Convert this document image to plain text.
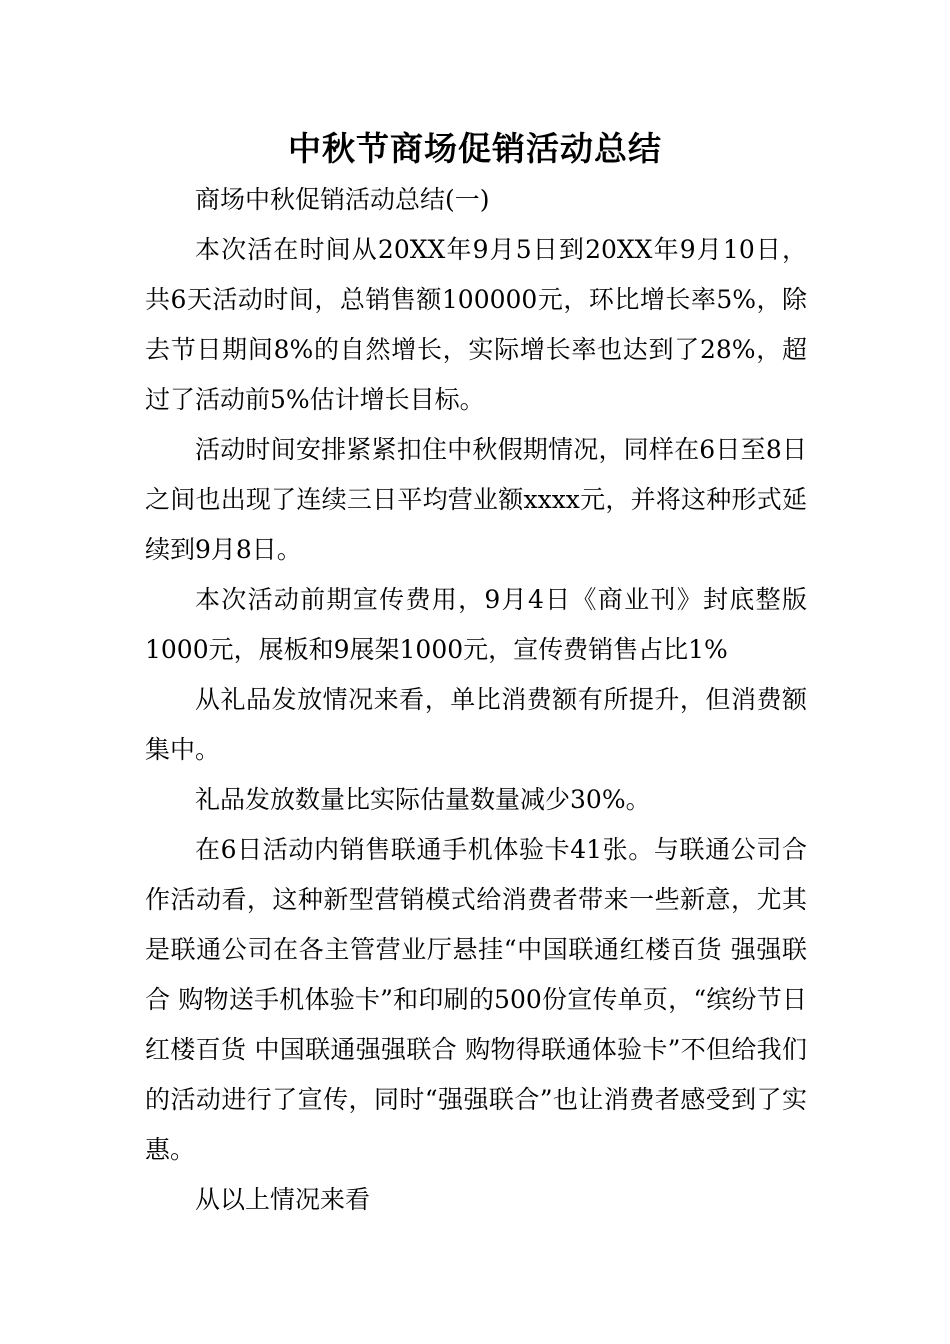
中秋节商场促销活动总结

商场中秋促销活动总结(一)

本次活在时间从20XX年9月5日到20XX年9月10日，共6天活动时间，总销售额100000元，环比增长率5%，除去节日期间8%的自然增长，实际增长率也达到了28%，超过了活动前5%估计增长目标。

活动时间安排紧紧扣住中秋假期情况，同样在6日至8日之间也出现了连续三日平均营业额xxxx元，并将这种形式延续到9月8日。

本次活动前期宣传费用，9月4日《商业刊》封底整版1000元，展板和9展架1000元，宣传费销售占比1%

从礼品发放情况来看，单比消费额有所提升，但消费额集中。

礼品发放数量比实际估量数量减少30%。

在6日活动内销售联通手机体验卡41张。与联通公司合作活动看，这种新型营销模式给消费者带来一些新意，尤其是联通公司在各主管营业厅悬挂“中国联通红楼百货 强强联合 购物送手机体验卡”和印刷的500份宣传单页，“缤纷节日 红楼百货 中国联通强强联合 购物得联通体验卡”不但给我们的活动进行了宣传，同时“强强联合”也让消费者感受到了实惠。

从以上情况来看
